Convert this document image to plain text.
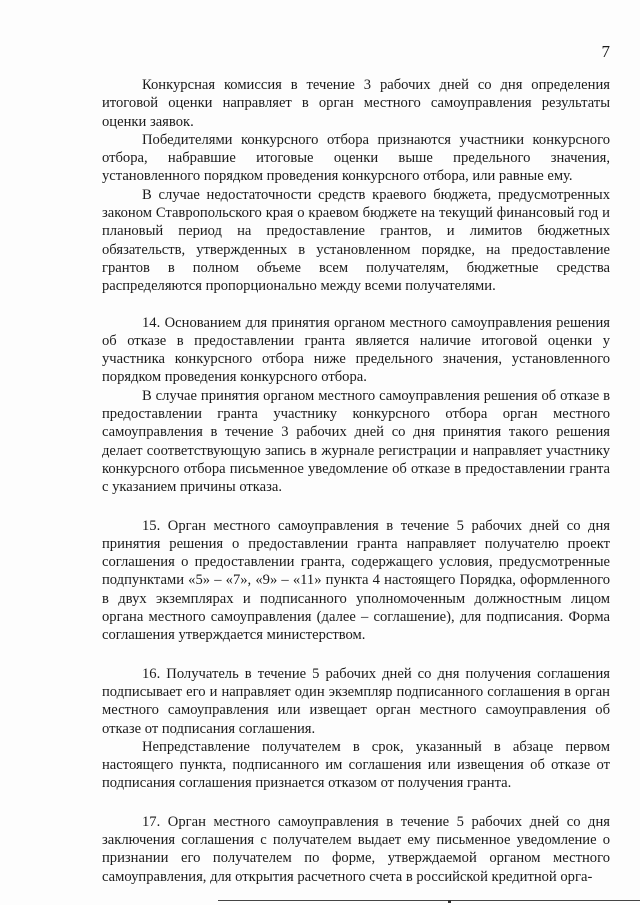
7

Конкурсная комиссия в течение 3 рабочих дней со дня определения итоговой оценки направляет в орган местного самоуправления результаты оценки заявок.

Победителями конкурсного отбора признаются участники конкурсного отбора, набравшие итоговые оценки выше предельного значения, установленного порядком проведения конкурсного отбора, или равные ему.

В случае недостаточности средств краевого бюджета, предусмотренных законом Ставропольского края о краевом бюджете на текущий финансовый год и плановый период на предоставление грантов, и лимитов бюджетных обязательств, утвержденных в установленном порядке, на предоставление грантов в полном объеме всем получателям, бюджетные средства распределяются пропорционально между всеми получателями.

14. Основанием для принятия органом местного самоуправления решения об отказе в предоставлении гранта является наличие итоговой оценки у участника конкурсного отбора ниже предельного значения, установленного порядком проведения конкурсного отбора.

В случае принятия органом местного самоуправления решения об отказе в предоставлении гранта участнику конкурсного отбора орган местного самоуправления в течение 3 рабочих дней со дня принятия такого решения делает соответствующую запись в журнале регистрации и направляет участнику конкурсного отбора письменное уведомление об отказе в предоставлении гранта с указанием причины отказа.

15. Орган местного самоуправления в течение 5 рабочих дней со дня принятия решения о предоставлении гранта направляет получателю проект соглашения о предоставлении гранта, содержащего условия, предусмотренные подпунктами «5» – «7», «9» – «11» пункта 4 настоящего Порядка, оформленного в двух экземплярах и подписанного уполномоченным должностным лицом органа местного самоуправления (далее – соглашение), для подписания. Форма соглашения утверждается министерством.

16. Получатель в течение 5 рабочих дней со дня получения соглашения подписывает его и направляет один экземпляр подписанного соглашения в орган местного самоуправления или извещает орган местного самоуправления об отказе от подписания соглашения.

Непредставление получателем в срок, указанный в абзаце первом настоящего пункта, подписанного им соглашения или извещения об отказе от подписания соглашения признается отказом от получения гранта.

17. Орган местного самоуправления в течение 5 рабочих дней со дня заключения соглашения с получателем выдает ему письменное уведомление о признании его получателем по форме, утверждаемой органом местного самоуправления, для открытия расчетного счета в российской кредитной орга-
